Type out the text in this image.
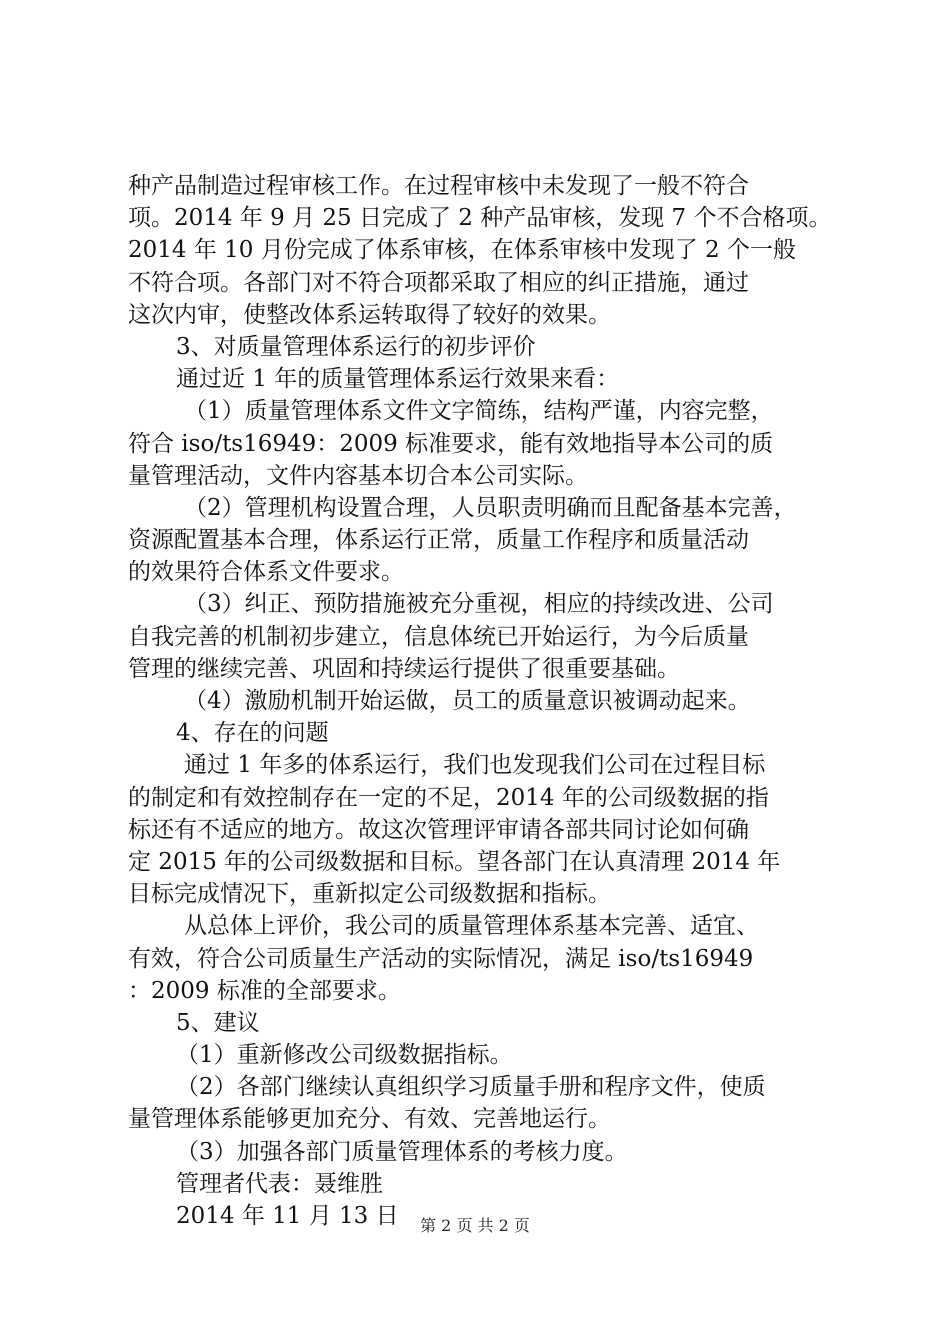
种产品制造过程审核工作。在过程审核中未发现了一般不符合
项。2014 年 9 月 25 日完成了 2 种产品审核，发现 7 个不合格项。
2014 年 10 月份完成了体系审核，在体系审核中发现了 2 个一般
不符合项。各部门对不符合项都采取了相应的纠正措施，通过
这次内审，使整改体系运转取得了较好的效果。
3、对质量管理体系运行的初步评价
通过近 1 年的质量管理体系运行效果来看：
（1）质量管理体系文件文字简练，结构严谨，内容完整，
符合 iso/ts16949：2009 标准要求，能有效地指导本公司的质
量管理活动，文件内容基本切合本公司实际。
（2）管理机构设置合理，人员职责明确而且配备基本完善，
资源配置基本合理，体系运行正常，质量工作程序和质量活动
的效果符合体系文件要求。
（3）纠正、预防措施被充分重视，相应的持续改进、公司
自我完善的机制初步建立，信息体统已开始运行，为今后质量
管理的继续完善、巩固和持续运行提供了很重要基础。
（4）激励机制开始运做，员工的质量意识被调动起来。
4、存在的问题
通过 1 年多的体系运行，我们也发现我们公司在过程目标
的制定和有效控制存在一定的不足，2014 年的公司级数据的指
标还有不适应的地方。故这次管理评审请各部共同讨论如何确
定 2015 年的公司级数据和目标。望各部门在认真清理 2014 年
目标完成情况下，重新拟定公司级数据和指标。
从总体上评价，我公司的质量管理体系基本完善、适宜、
有效，符合公司质量生产活动的实际情况，满足 iso/ts16949
：2009 标准的全部要求。
5、建议
（1）重新修改公司级数据指标。
（2）各部门继续认真组织学习质量手册和程序文件，使质
量管理体系能够更加充分、有效、完善地运行。
（3）加强各部门质量管理体系的考核力度。
管理者代表：聂维胜
2014 年 11 月 13 日	第 2 页 共 2 页
